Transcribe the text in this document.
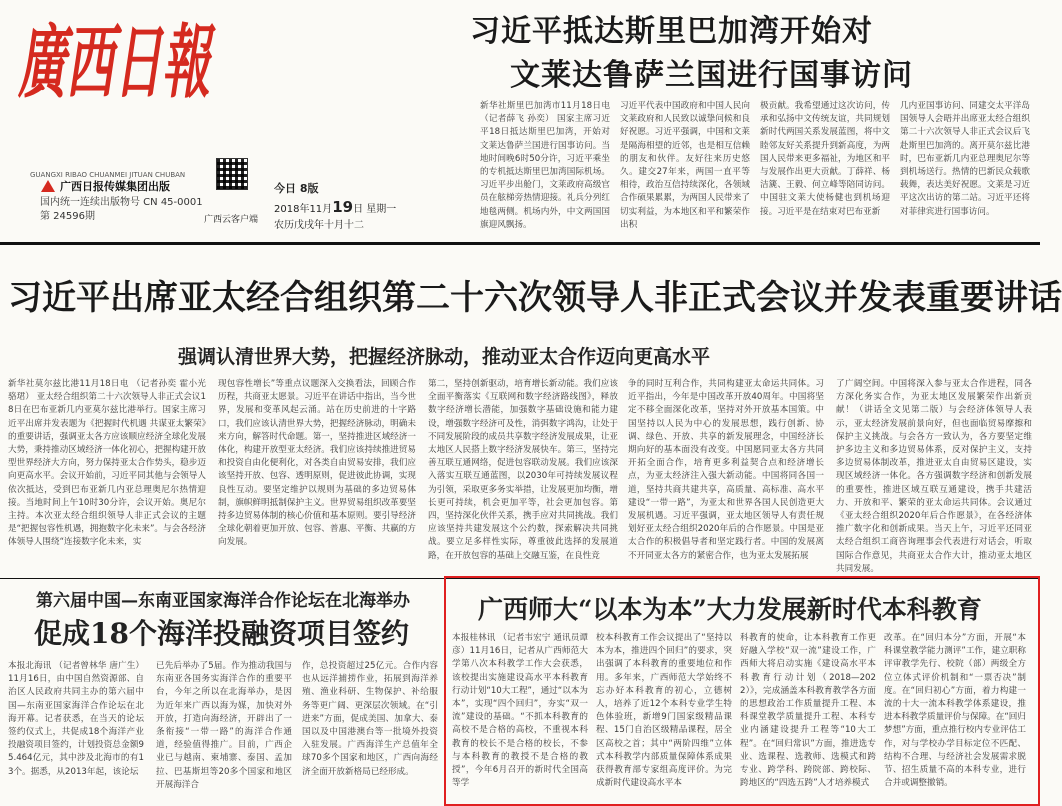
廣西日報
GUANGXI RIBAO CHUANMEI JITUAN CHUBAN
广西日报传媒集团出版
国内统一连续出版物号 CN 45-0001
第 24596期	广西云客户端
今日 8版
2018年11月19日 星期一
农历戊戌年十月十二
习近平抵达斯里巴加湾开始对
文莱达鲁萨兰国进行国事访问
新华社斯里巴加湾市11月18日电 （记者薛飞 孙奕） 国家主席习近平18日抵达斯里巴加湾，开始对文莱达鲁萨兰国进行国事访问。当地时间晚6时50分许，习近平乘坐的专机抵达斯里巴加湾国际机场。习近平步出舱门，文莱政府高级官员在舷梯旁热情迎接。礼兵分列红地毯两侧。机场内外，中文两国国旗迎风飘扬。
习近平代表中国政府和中国人民向文莱政府和人民致以诚挚问候和良好祝愿。习近平强调，中国和文莱是隔海相望的近邻，也是相互信赖的朋友和伙伴。友好往来历史悠久。建交27年来，两国一直平等相待，政治互信持续深化，各领域合作硕果累累，为两国人民带来了切实利益，为本地区和平和繁荣作出积
极贡献。我希望通过这次访问，传承和弘扬中文传统友谊，共同规划新时代两国关系发展蓝图，将中文睦邻友好关系提升到新高度，为两国人民带来更多福祉，为地区和平与发展作出更大贡献。丁薛祥、杨洁篪、王毅、何立峰等陪同访问。中国驻文莱大使杨健也到机场迎接。习近平是在结束对巴布亚新
几内亚国事访问、同建交太平洋岛国领导人会晤并出席亚太经合组织第二十六次领导人非正式会议后飞赴斯里巴加湾的。离开莫尔兹比港时，巴布亚新几内亚总理奥尼尔等到机场送行。热情的巴新民众载歌载舞，表达美好祝愿。文莱是习近平这次出访的第二站。习近平还将对菲律宾进行国事访问。
习近平出席亚太经合组织第二十六次领导人非正式会议并发表重要讲话
强调认清世界大势，把握经济脉动，推动亚太合作迈向更高水平
新华社莫尔兹比港11月18日电 （记者孙奕 霍小光 骆珺） 亚太经合组织第二十六次领导人非正式会议18日在巴布亚新几内亚莫尔兹比港举行。国家主席习近平出席并发表题为《把握时代机遇 共谋亚太繁荣》的重要讲话，强调亚太各方应该顺应经济全球化发展大势，秉持推动区域经济一体化初心，把握构建开放型世界经济大方向，努力保持亚太合作势头，稳步迈向更高水平。会议开始前，习近平同其他与会领导人依次抵达，受到巴布亚新几内亚总理奥尼尔热情迎接。当地时间上午10时30分许，会议开始。奥尼尔主持。本次亚太经合组织领导人非正式会议的主题是“把握包容性机遇，拥抱数字化未来”。与会各经济体领导人围绕“连接数字化未来，实
现包容性增长”等重点议题深入交换看法，回顾合作历程，共商亚太愿景。习近平在讲话中指出，当今世界，发展和变革风起云涌。站在历史前进的十字路口，我们应该认清世界大势，把握经济脉动，明确未来方向，解答时代命题。第一，坚持推进区域经济一体化，构建开放型亚太经济。我们应该持续推进贸易和投资自由化便利化，对各类自由贸易安排，我们应该坚持开放、包容、透明原则，促进彼此协调，实现良性互动。要坚定维护以规则为基础的多边贸易体制，旗帜鲜明抵制保护主义。世界贸易组织改革要坚持多边贸易体制的核心价值和基本原则。要引导经济全球化朝着更加开放、包容、普惠、平衡、共赢的方向发展。
第二，坚持创新驱动，培育增长新动能。我们应该全面平衡落实《互联网和数字经济路线图》，释放数字经济增长潜能，加强数字基础设施和能力建设，增强数字经济可及性，消弭数字鸿沟，让处于不同发展阶段的成员共享数字经济发展成果，让亚太地区人民搭上数字经济发展快车。第三，坚持完善互联互通网络，促进包容联动发展。我们应该深入落实互联互通蓝图，以2030年可持续发展议程为引领，采取更多务实举措，让发展更加均衡，增长更可持续，机会更加平等，社会更加包容。第四，坚持深化伙伴关系，携手应对共同挑战。我们应该坚持共建发展这个公约数，探索解决共同挑战。要立足多样性实际，尊重彼此选择的发展道路，在开放包容的基础上交融互鉴，在良性竞
争的同时互利合作，共同构建亚太命运共同体。习近平指出，今年是中国改革开放40周年。中国将坚定不移全面深化改革，坚持对外开放基本国策。中国坚持以人民为中心的发展思想，践行创新、协调、绿色、开放、共享的新发展理念，中国经济长期向好的基本面没有改变。中国愿同亚太各方共同开拓全面合作，培育更多利益契合点和经济增长点，为亚太经济注入强大新动能。中国将同各国一道，坚持共商共建共享，高质量、高标准、高水平建设“一带一路”，为亚太和世界各国人民创造更大发展机遇。习近平强调，亚太地区领导人有责任规划好亚太经合组织2020年后的合作愿景。中国是亚太合作的积极倡导者和坚定践行者。中国的发展离不开同亚太各方的紧密合作，也为亚太发展拓展
了广阔空间。中国将深入参与亚太合作进程，同各方深化务实合作，为亚太地区发展繁荣作出新贡献！（讲话全文见第二版）与会经济体领导人表示，亚太经济发展前景向好，但也面临贸易摩擦和保护主义挑战。与会各方一致认为，各方要坚定维护多边主义和多边贸易体系，反对保护主义，支持多边贸易体制改革，推进亚太自由贸易区建设，实现区域经济一体化。各方强调数字经济和创新发展的重要性，推进区域互联互通建设，携手共建活力、开放和平、繁荣的亚太命运共同体。会议通过《亚太经合组织2020年后合作愿景》，在各经济体推广数字化和创新成果。当天上午，习近平还同亚太经合组织工商咨询理事会代表进行对话会，听取国际合作意见，共商亚太合作大计，推动亚太地区共同发展。
第六届中国—东南亚国家海洋合作论坛在北海举办
促成18个海洋投融资项目签约
本报北海讯 （记者曾林华 唐广生） 11月16日，由中国自然资源部、自治区人民政府共同主办的第六届中国—东南亚国家海洋合作论坛在北海开幕。记者获悉，在当天的论坛签约仪式上，共促成18个海洋产业投融资项目签约，计划投资总金额95.464亿元，其中涉及北海市的有13个。据悉，从2013年起，该论坛
已先后举办了5届。作为推动我国与东南亚各国务实海洋合作的重要平台，今年之所以在北海举办，是因为近年来广西以海为媒，加快对外开放，打造向海经济，开辟出了一条衔接“一带一路”的海洋合作通道，经验值得推广。目前，广西企业已与越南、柬埔寨、泰国、孟加拉、巴基斯坦等20多个国家和地区开展海洋合
作，总投资超过25亿元。合作内容也从远洋捕捞作业，拓展到海洋养殖、渔业科研、生物保护、补给服务等更广阔、更深层次领域。在“引进来”方面，促成美国、加拿大、泰国以及中国港澳台等一批境外投资入驻发展。广西海洋生产总值年全球70多个国家和地区，广西向海经济全面开放新格局已经形成。
广西师大“以本为本”大力发展新时代本科教育
本报桂林讯 （记者韦宏宁 通讯员谭彦）11月16日，记者从广西师范大学第八次本科教学工作大会获悉，该校提出实施建设高水平本科教育行动计划“10大工程”，通过“以本为本”，实现“四个回归”，夯实“双一流”建设的基础。“不抓本科教育的高校不是合格的高校，不重视本科教育的校长不是合格的校长，不参与本科教育的教授不是合格的教授”，今年6月召开的新时代全国高等学
校本科教育工作会议提出了“坚持以本为本，推进四个回归”的要求，突出强调了本科教育的重要地位和作用。多年来，广西师范大学始终不忘办好本科教育的初心，立德树人，培养了近12个本科专业学生特色体验班，新增9门国家级精品课程、15门自治区级精品课程，居全区高校之首；其中“两阶四维”立体式本科教学内部质量保障体系成果获得教育部专家组高度评价。为完成新时代建设高水平本
科教育的使命，让本科教育工作更好融入学校“双一流”建设工作，广西师大将启动实施《建设高水平本科教育行动计划（2018—2022）》，完成涵盖本科教育教学各方面的思想政治工作质量提升工程、本科课堂教学质量提升工程、本科专业内涵建设提升工程等“10大工程”。在“回归常识”方面，推进选专业、选课程、选教师、选模式和跨专业、跨学科、跨院部、跨校际、跨地区的“四选五跨”人才培养模式
改革。在“回归本分”方面，开展“本科课堂教学能力测评”工作，建立职称评审教学先行、校院（部）两级全方位立体式评价机制和“一票否决”制度。在“回归初心”方面，着力构建一流的十大一流本科教学体系建设，推进本科教学质量评价与保障。在“回归梦想”方面，重点推行校内专业评估工作，对与学校办学目标定位不匹配、结构不合理、与经济社会发展需求脱节、招生质量不高的本科专业，进行合并或调整撤销。
